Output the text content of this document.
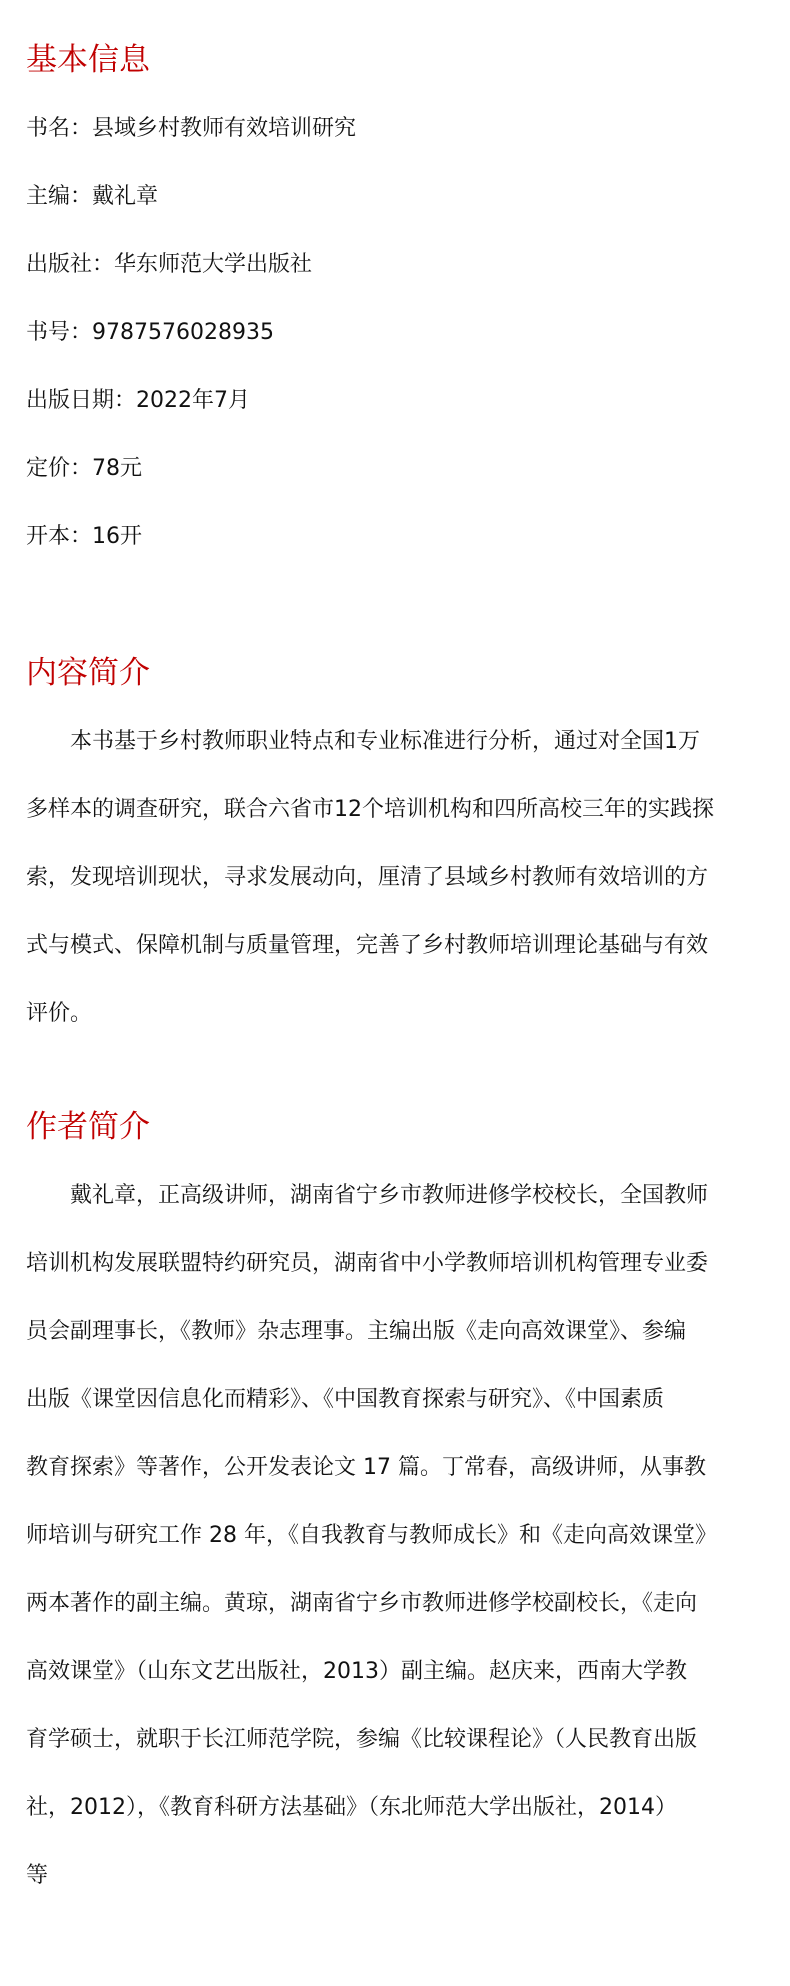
基本信息

书名：县域乡村教师有效培训研究

主编：戴礼章

出版社：华东师范大学出版社

书号：9787576028935

出版日期：2022年7月

定价：78元

开本：16开

内容简介

本书基于乡村教师职业特点和专业标准进行分析，通过对全国1万

多样本的调查研究，联合六省市12个培训机构和四所高校三年的实践探

索，发现培训现状，寻求发展动向，厘清了县域乡村教师有效培训的方

式与模式、保障机制与质量管理，完善了乡村教师培训理论基础与有效

评价。

作者简介

戴礼章，正高级讲师，湖南省宁乡市教师进修学校校长，全国教师

培训机构发展联盟特约研究员，湖南省中小学教师培训机构管理专业委

员会副理事长，《教师》杂志理事。主编出版《走向高效课堂》、参编

出版《课堂因信息化而精彩》、《中国教育探索与研究》、《中国素质

教育探索》等著作，公开发表论文 17 篇。丁常春，高级讲师，从事教

师培训与研究工作 28 年，《自我教育与教师成长》和《走向高效课堂》

两本著作的副主编。黄琼，湖南省宁乡市教师进修学校副校长，《走向

高效课堂》（山东文艺出版社，2013）副主编。赵庆来，西南大学教

育学硕士，就职于长江师范学院，参编《比较课程论》（人民教育出版

社，2012），《教育科研方法基础》（东北师范大学出版社，2014）

等
